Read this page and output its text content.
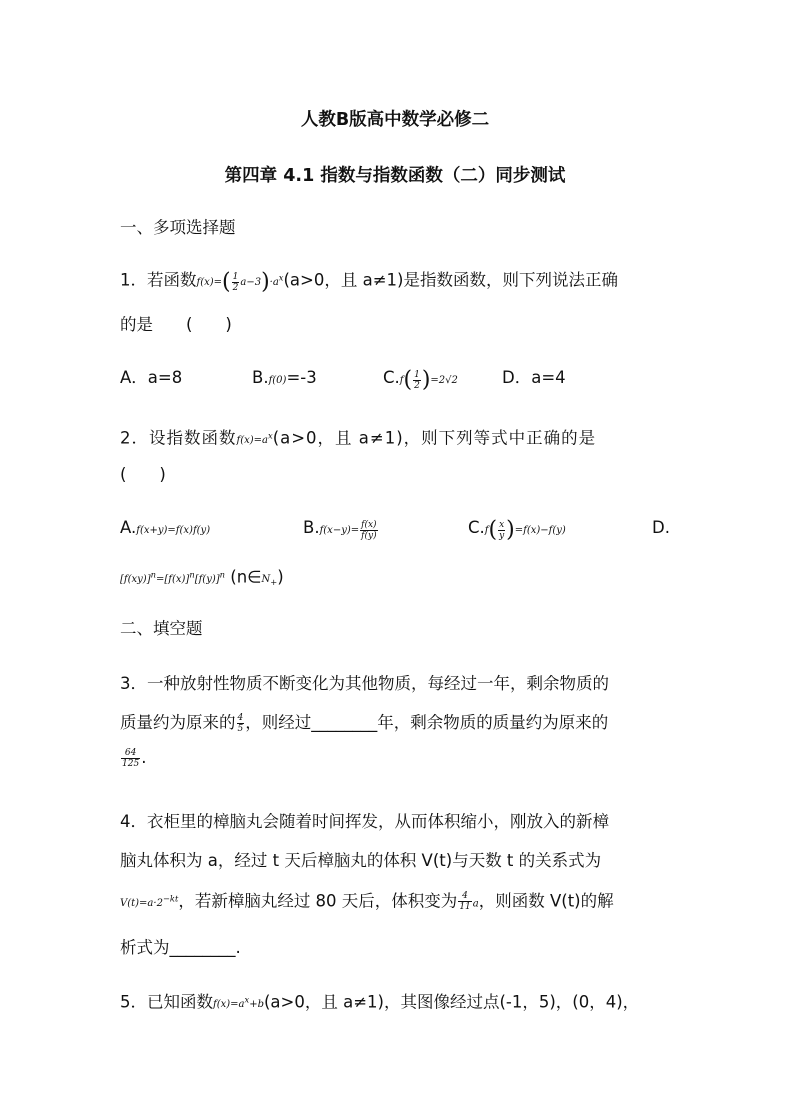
人教B版高中数学必修二
第四章 4.1 指数与指数函数（二）同步测试
一、多项选择题
1．若函数$f(x)=( \frac{1}{2} a-3)\cdot a^x(a>0$，且 a≠1)是指数函数，则下列说法正确
的是　　(　　)
A．a=8	B.f(0)=-3	$C.f( \frac{1}{2} )=2√2$	D．a=4
2．设指数函数$f(x)=a^x(a>0$，且 a≠1)，则下列等式中正确的是
(　　)
A.f(x+y)=f(x)f(y)	$B.f(x-y)= \frac{f(x)}{f(y)}$	$C.f( \frac{x}{y} )=f(x)-f(y)$	D.
$[f(xy)]^n=[f(x)]^n[f(y)]^n$ $(n\in N_+)$
二、填空题
3．一种放射性物质不断变化为其他物质，每经过一年，剩余物质的
质量约为原来的 $\frac{4}{5}$ ，则经过________年，剩余物质的质量约为原来的
$\frac{64}{125}$ .
4．衣柜里的樟脑丸会随着时间挥发，从而体积缩小，刚放入的新樟
脑丸体积为 a，经过 t 天后樟脑丸的体积 V(t)与天数 t 的关系式为
$V(t)=a\cdot 2^{-kt}$，若新樟脑丸经过 80 天后，体积变为 $\frac{4}{11}$ a，则函数 V(t)的解
析式为________.
5．已知函数$f(x)=a^x+b(a>0$，且 a≠1)，其图像经过点(-1，5)，(0，4)，
